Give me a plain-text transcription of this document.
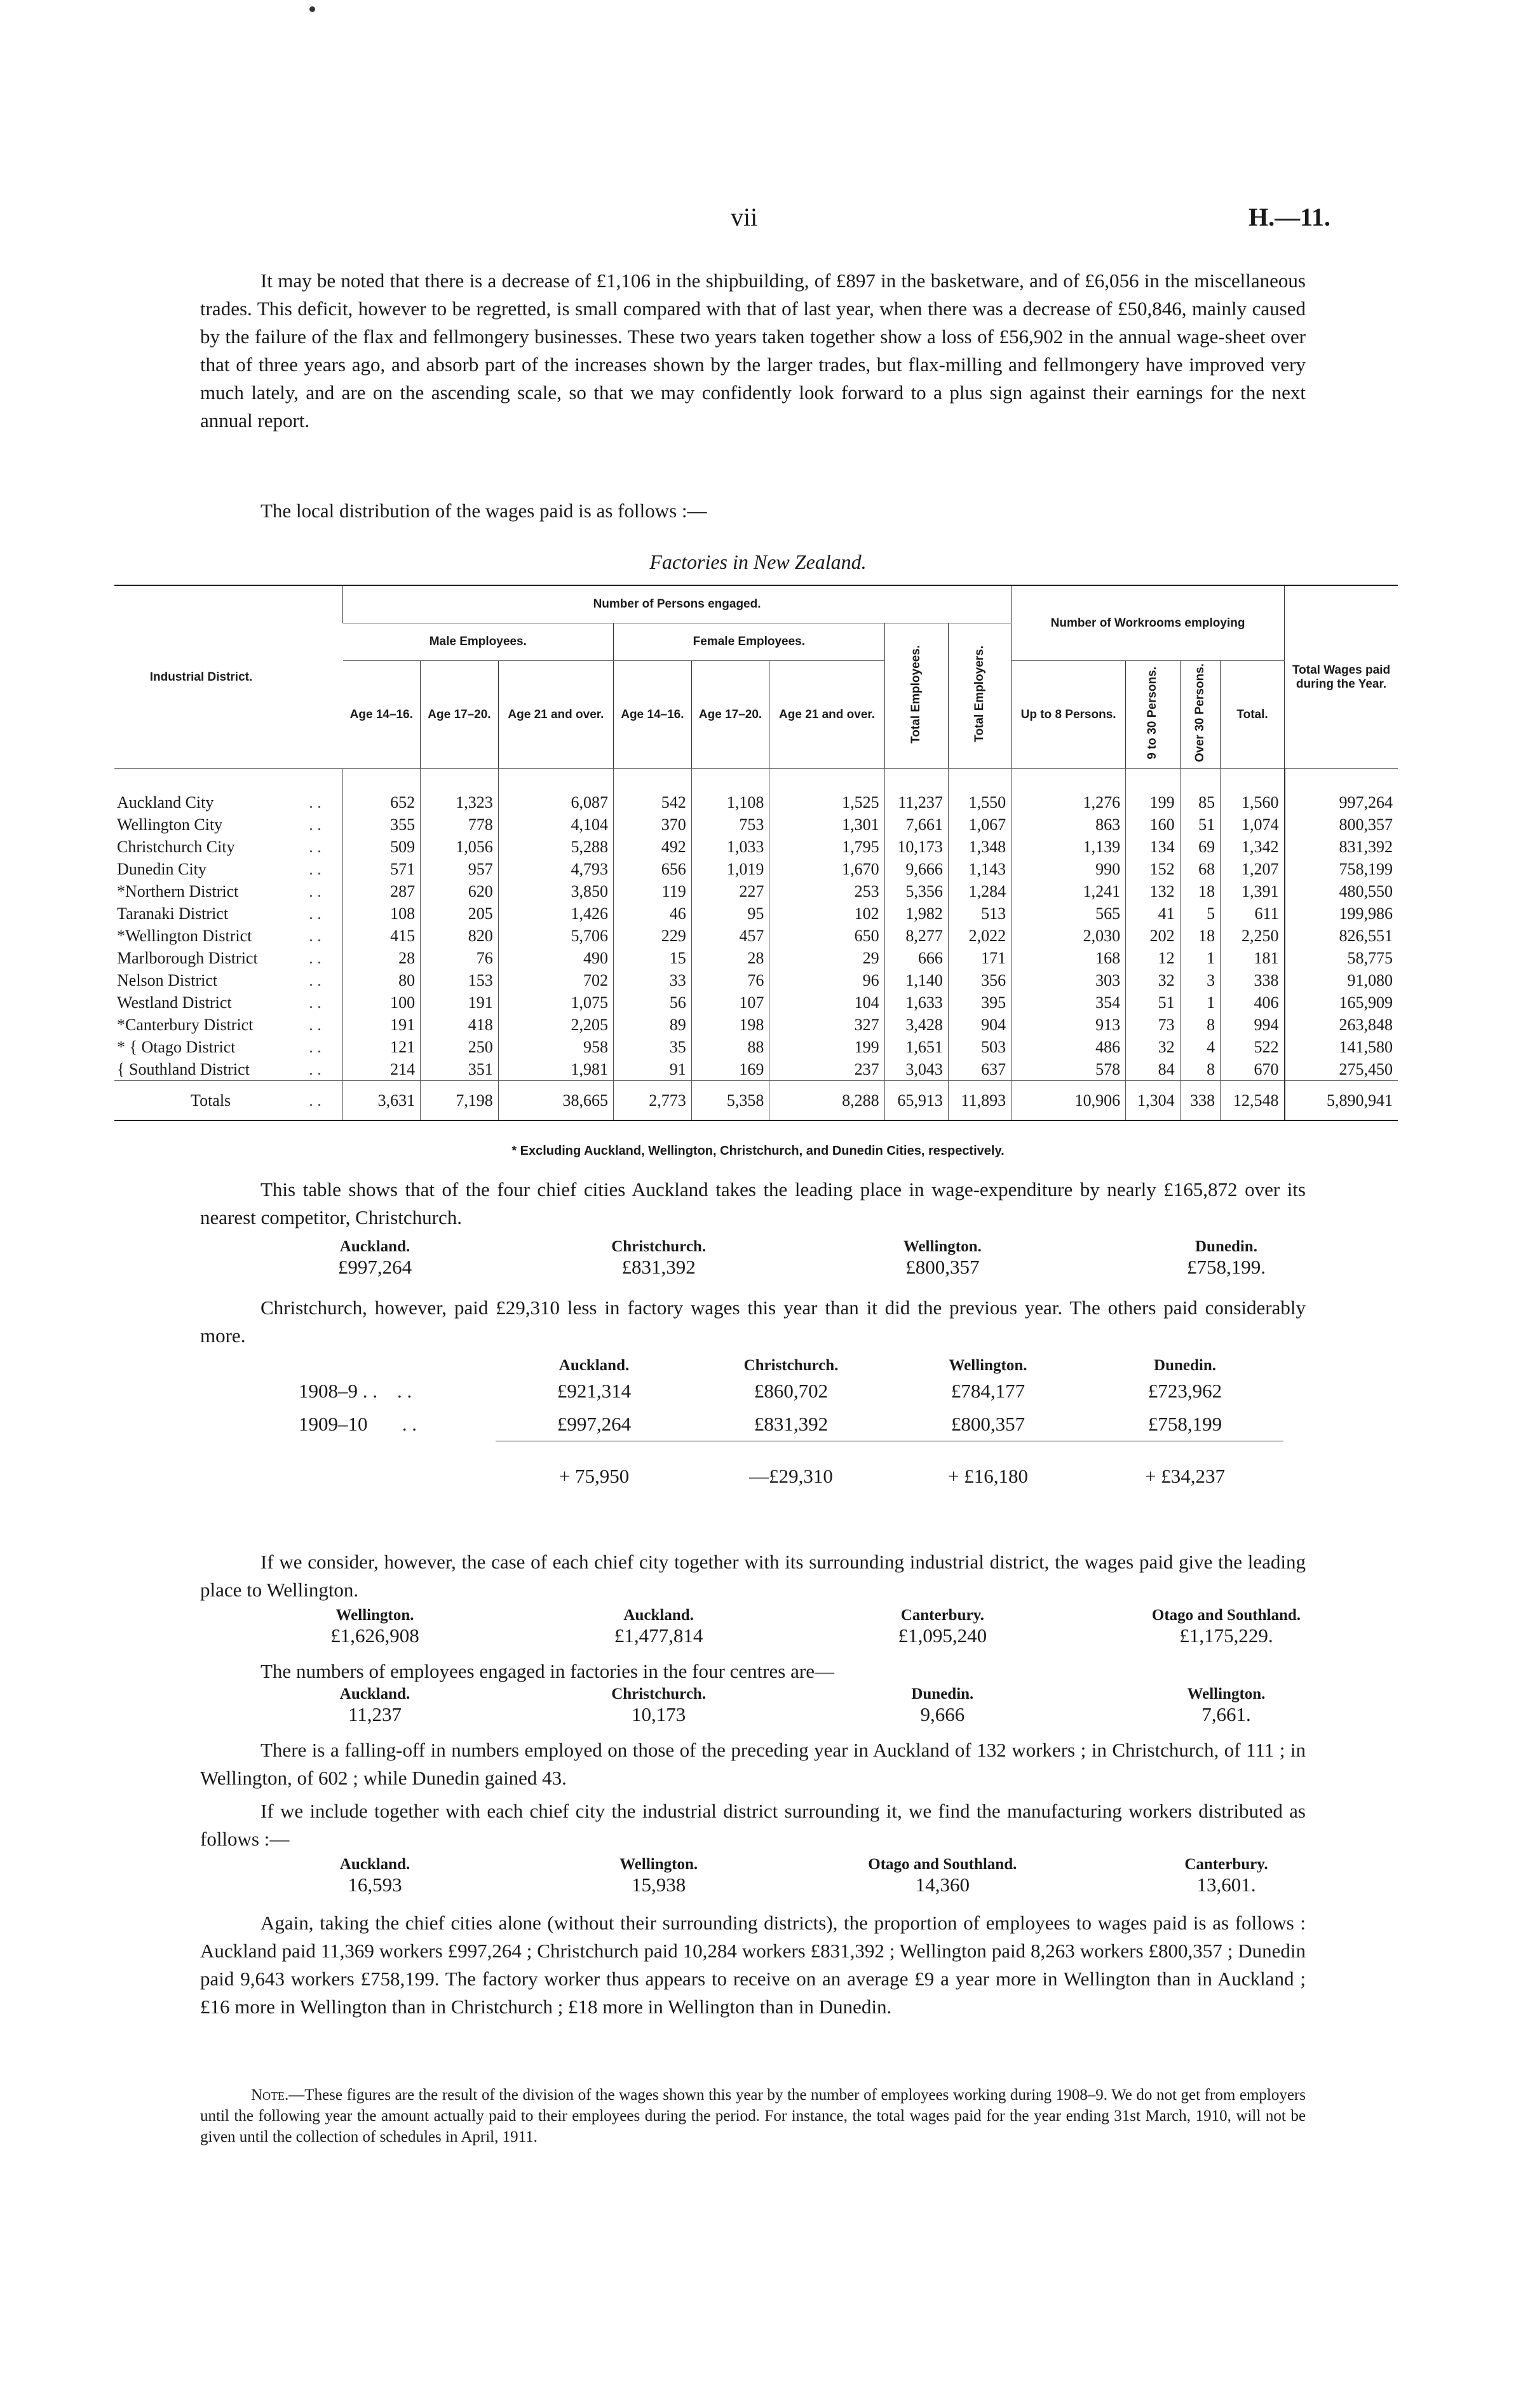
vii	H.—11.
It may be noted that there is a decrease of £1,106 in the shipbuilding, of £897 in the basketware, and of £6,056 in the miscellaneous trades. This deficit, however to be regretted, is small compared with that of last year, when there was a decrease of £50,846, mainly caused by the failure of the flax and fellmongery businesses. These two years taken together show a loss of £56,902 in the annual wage-sheet over that of three years ago, and absorb part of the increases shown by the larger trades, but flax-milling and fellmongery have improved very much lately, and are on the ascending scale, so that we may confidently look forward to a plus sign against their earnings for the next annual report.
The local distribution of the wages paid is as follows :—
Factories in New Zealand.
Industrial District.		Number of Persons engaged.								Number of Workrooms employing				Total Wages paid during the Year.
		Male Employees.			Female Employees.			Total Employees.	Total Employers.					
		Age 14–16.	Age 17–20.	Age 21 and over.	Age 14–16.	Age 17–20.	Age 21 and over.			Up to 8 Persons.	9 to 30 Persons.	Over 30 Persons.	Total.	
Auckland City	. .	652	1,323	6,087	542	1,108	1,525	11,237	1,550	1,276	199	85	1,560	997,264
Wellington City	. .	355	778	4,104	370	753	1,301	7,661	1,067	863	160	51	1,074	800,357
Christchurch City	. .	509	1,056	5,288	492	1,033	1,795	10,173	1,348	1,139	134	69	1,342	831,392
Dunedin City	. .	571	957	4,793	656	1,019	1,670	9,666	1,143	990	152	68	1,207	758,199
*Northern District	. .	287	620	3,850	119	227	253	5,356	1,284	1,241	132	18	1,391	480,550
Taranaki District	. .	108	205	1,426	46	95	102	1,982	513	565	41	5	611	199,986
*Wellington District	. .	415	820	5,706	229	457	650	8,277	2,022	2,030	202	18	2,250	826,551
Marlborough District	. .	28	76	490	15	28	29	666	171	168	12	1	181	58,775
Nelson District	. .	80	153	702	33	76	96	1,140	356	303	32	3	338	91,080
Westland District	. .	100	191	1,075	56	107	104	1,633	395	354	51	1	406	165,909
*Canterbury District	. .	191	418	2,205	89	198	327	3,428	904	913	73	8	994	263,848
* { Otago District	. .	121	250	958	35	88	199	1,651	503	486	32	4	522	141,580
{ Southland District	. .	214	351	1,981	91	169	237	3,043	637	578	84	8	670	275,450
Totals	. .	3,631	7,198	38,665	2,773	5,358	8,288	65,913	11,893	10,906	1,304	338	12,548	5,890,941
* Excluding Auckland, Wellington, Christchurch, and Dunedin Cities, respectively.
This table shows that of the four chief cities Auckland takes the leading place in wage-expenditure by nearly £165,872 over its nearest competitor, Christchurch.
Auckland.
£997,264
Christchurch.
£831,392
Wellington.
£800,357
Dunedin.
£758,199.
Christchurch, however, paid £29,310 less in factory wages this year than it did the previous year. The others paid considerably more.
	Auckland.	Christchurch.	Wellington.	Dunedin.
1908–9 . .    . .	£921,314	£860,702	£784,177	£723,962
1909–10       . .	£997,264	£831,392	£800,357	£758,199

	+ 75,950	—£29,310	+ £16,180	+ £34,237
If we consider, however, the case of each chief city together with its surrounding industrial district, the wages paid give the leading place to Wellington.
Wellington.
£1,626,908
Auckland.
£1,477,814
Canterbury.
£1,095,240
Otago and Southland.
£1,175,229.
The numbers of employees engaged in factories in the four centres are—
Auckland.
11,237
Christchurch.
10,173
Dunedin.
9,666
Wellington.
7,661.
There is a falling-off in numbers employed on those of the preceding year in Auckland of 132 workers ; in Christchurch, of 111 ; in Wellington, of 602 ; while Dunedin gained 43.
If we include together with each chief city the industrial district surrounding it, we find the manufacturing workers distributed as follows :—
Auckland.
16,593
Wellington.
15,938
Otago and Southland.
14,360
Canterbury.
13,601.
Again, taking the chief cities alone (without their surrounding districts), the proportion of employees to wages paid is as follows : Auckland paid 11,369 workers £997,264 ; Christchurch paid 10,284 workers £831,392 ; Wellington paid 8,263 workers £800,357 ; Dunedin paid 9,643 workers £758,199. The factory worker thus appears to receive on an average £9 a year more in Wellington than in Auckland ; £16 more in Wellington than in Christchurch ; £18 more in Wellington than in Dunedin.
Note.—These figures are the result of the division of the wages shown this year by the number of employees working during 1908–9. We do not get from employers until the following year the amount actually paid to their employees during the period. For instance, the total wages paid for the year ending 31st March, 1910, will not be given until the collection of schedules in April, 1911.
